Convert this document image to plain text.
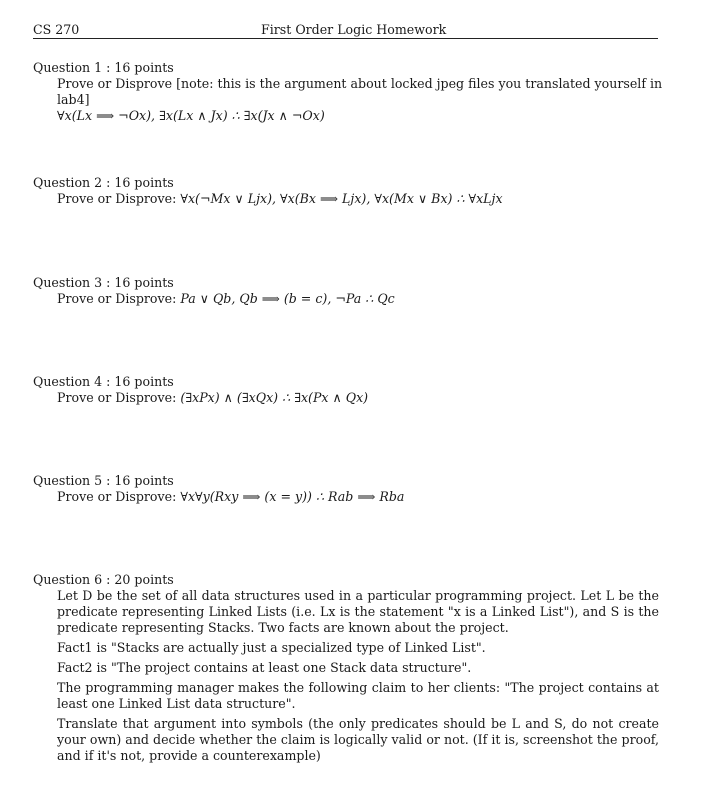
CS 270	First Order Logic Homework
Question 1 : 16 points
Prove or Disprove [note: this is the argument about locked jpeg files you translated yourself in lab4]
∀x(Lx ⟹ ¬Ox), ∃x(Lx ∧ Jx) ∴ ∃x(Jx ∧ ¬Ox)
Question 2 : 16 points
Prove or Disprove: ∀x(¬Mx ∨ Ljx), ∀x(Bx ⟹ Ljx), ∀x(Mx ∨ Bx) ∴ ∀xLjx
Question 3 : 16 points
Prove or Disprove: Pa ∨ Qb, Qb ⟹ (b = c), ¬Pa ∴ Qc
Question 4 : 16 points
Prove or Disprove: (∃xPx) ∧ (∃xQx) ∴ ∃x(Px ∧ Qx)
Question 5 : 16 points
Prove or Disprove: ∀x∀y(Rxy ⟹ (x = y)) ∴ Rab ⟹ Rba
Question 6 : 20 points

Let D be the set of all data structures used in a particular programming project. Let L be the predicate representing Linked Lists (i.e. Lx is the statement "x is a Linked List"), and S is the predicate representing Stacks. Two facts are known about the project.

Fact1 is "Stacks are actually just a specialized type of Linked List".

Fact2 is "The project contains at least one Stack data structure".

The programming manager makes the following claim to her clients: "The project contains at least one Linked List data structure".

Translate that argument into symbols (the only predicates should be L and S, do not create your own) and decide whether the claim is logically valid or not. (If it is, screenshot the proof, and if it's not, provide a counterexample)
